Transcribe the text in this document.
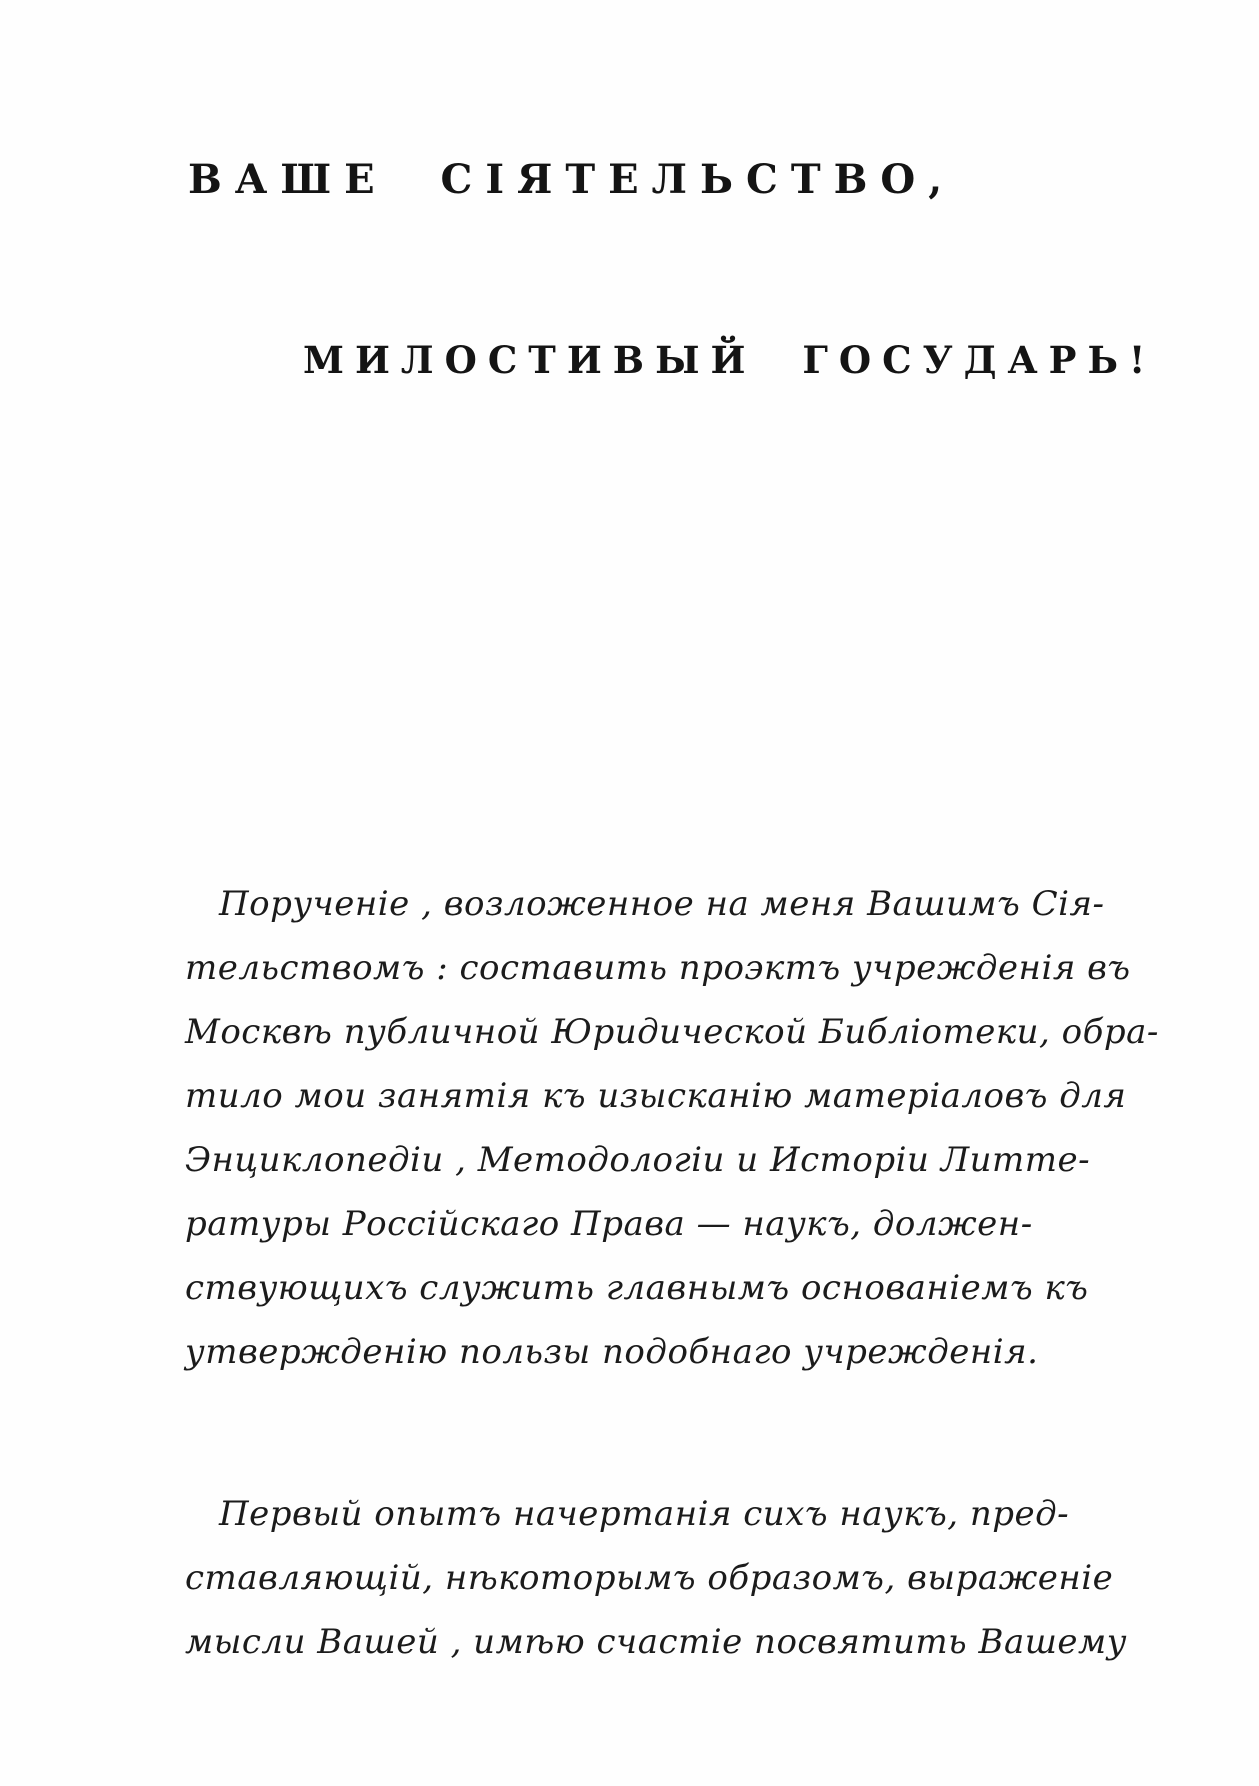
ВАШЕ СІЯТЕЛЬСТВО,
МИЛОСТИВЫЙ ГОСУДАРЬ!
Порученіе , возложенное на меня Вашимъ Сія-
тельствомъ : составить проэктъ учрежденія въ
Москвѣ публичной Юридической Библіотеки, обра-
тило мои занятія къ изысканію матеріаловъ для
Энциклопедіи , Методологіи и Исторіи Литте-
ратуры Россійскаго Права — наукъ, должен-
ствующихъ служить главнымъ основаніемъ къ
утвержденію пользы подобнаго учрежденія.
Первый опытъ начертанія сихъ наукъ, пред-
ставляющій, нѣкоторымъ образомъ, выраженіе
мысли Вашей , имѣю счастіе посвятить Вашему
